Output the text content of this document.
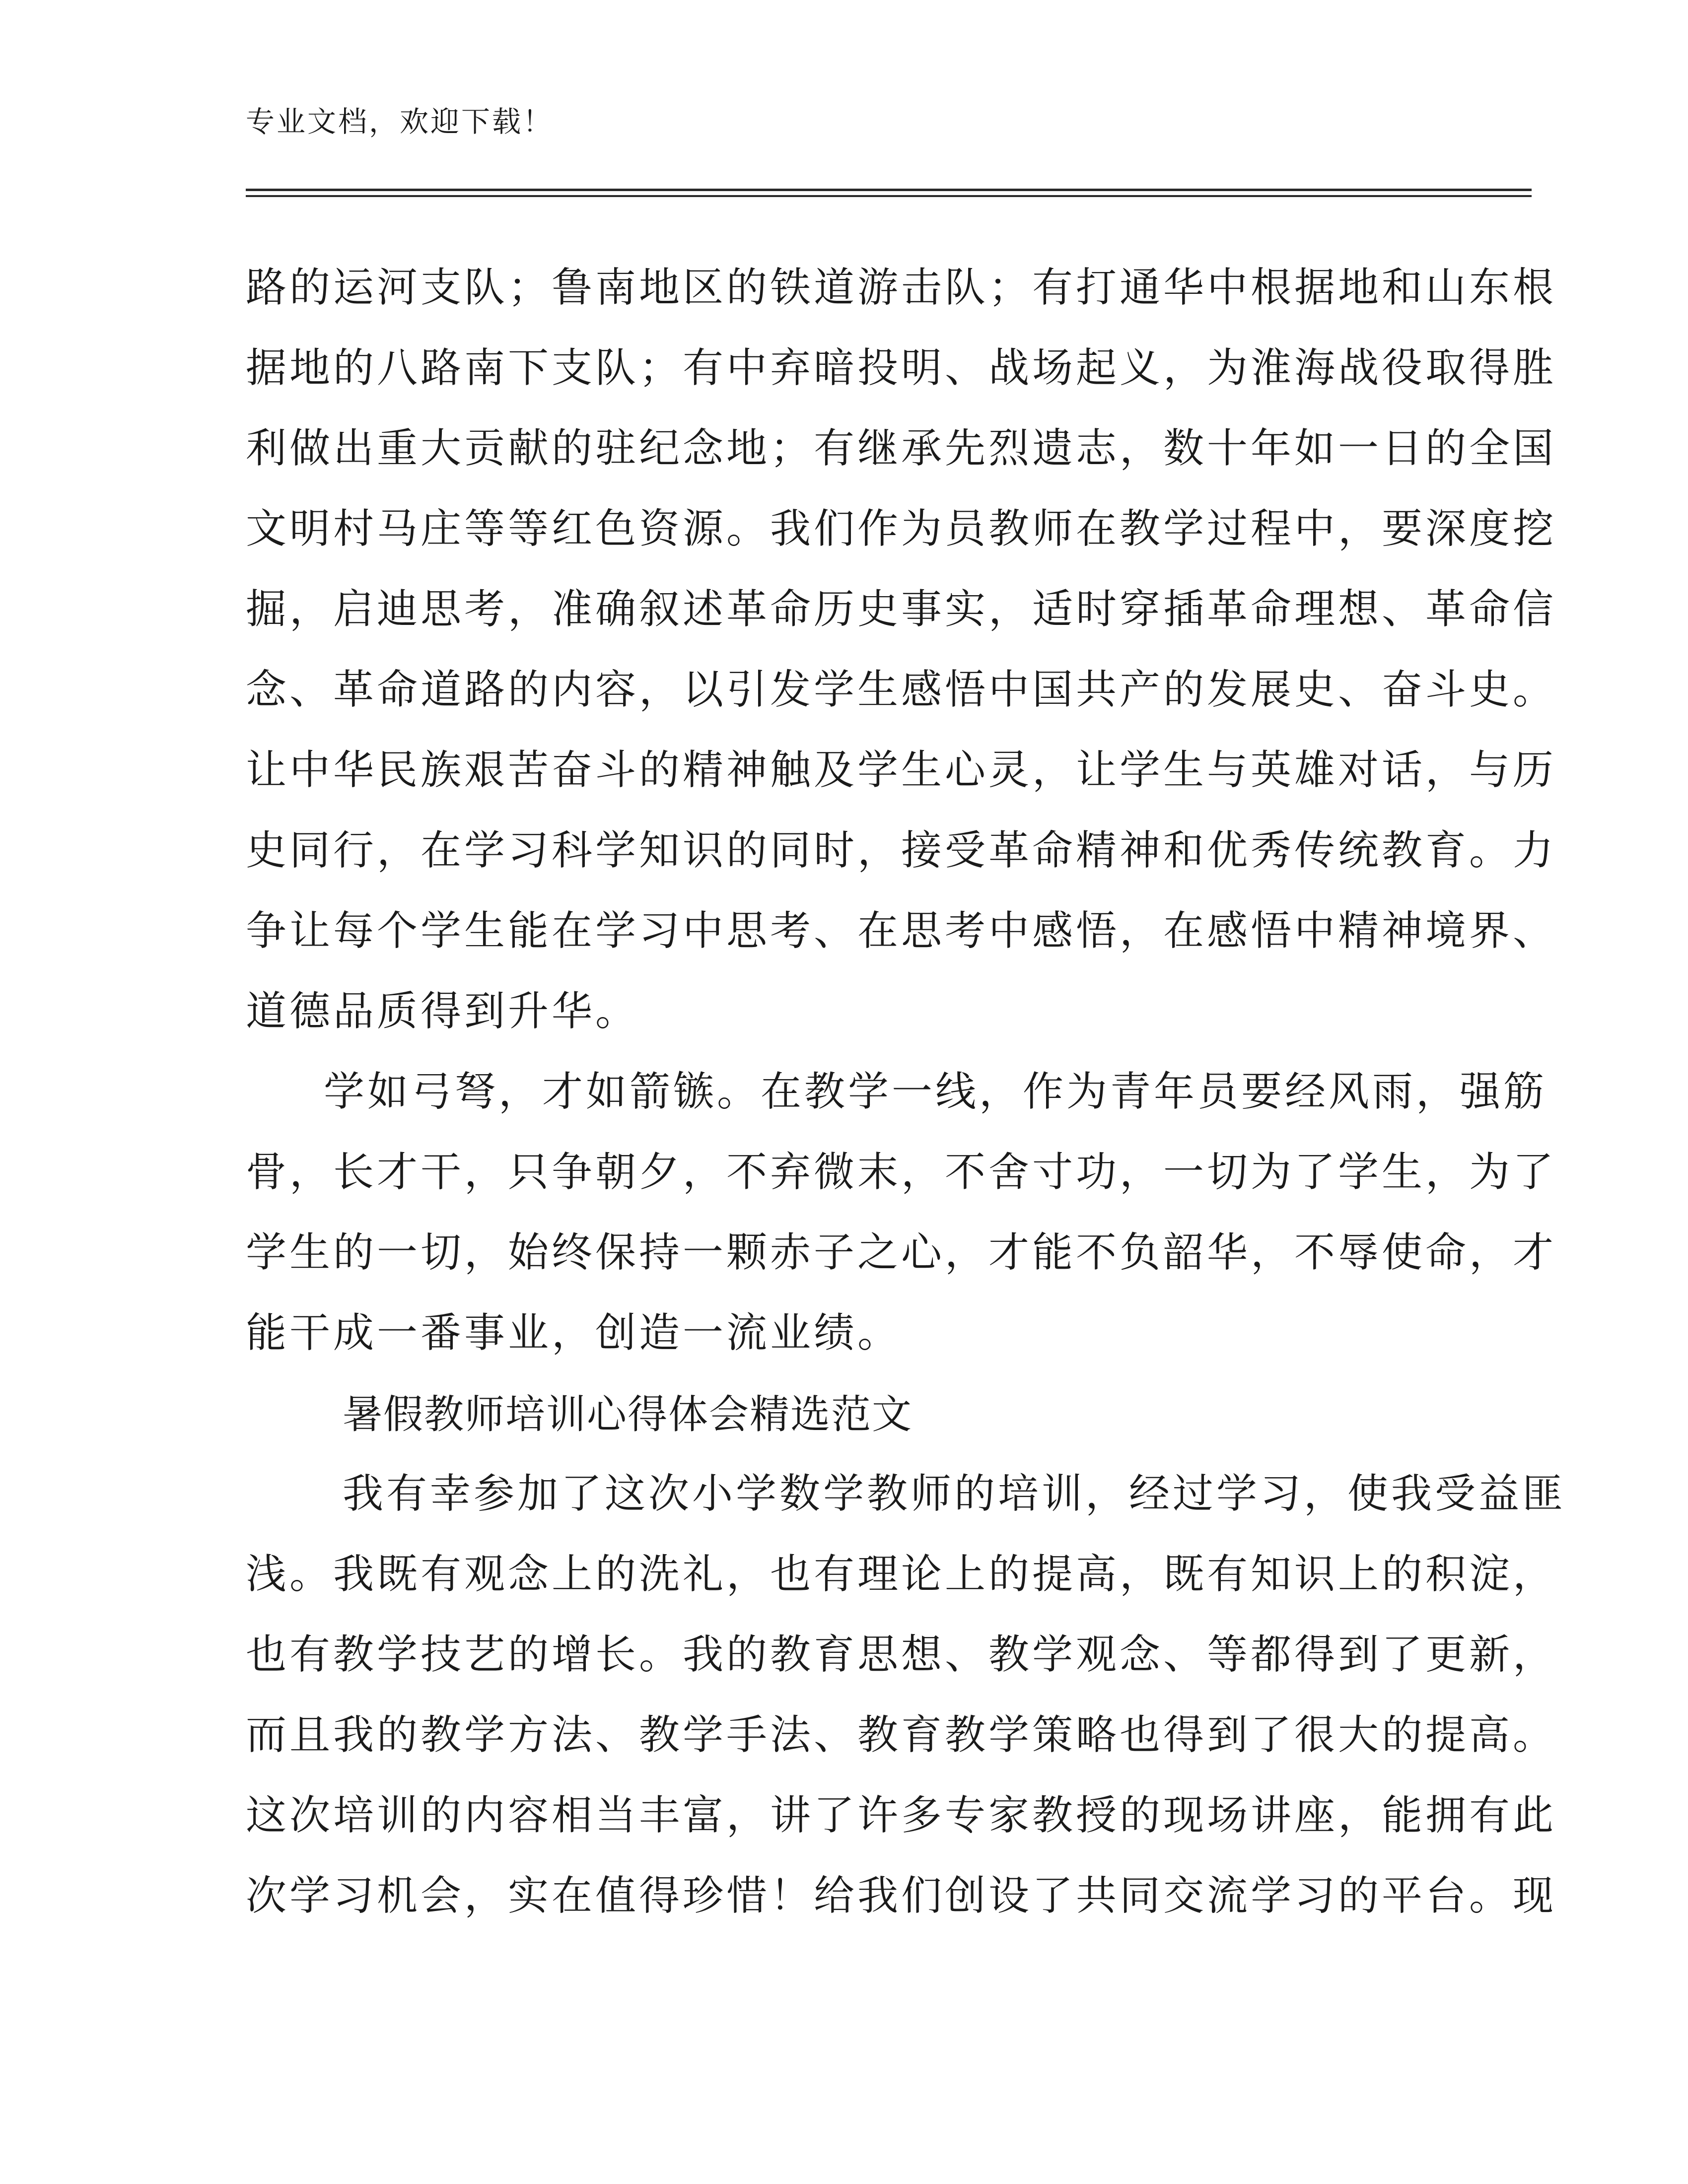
专业文档，欢迎下载！
路的运河支队；鲁南地区的铁道游击队；有打通华中根据地和山东根
据地的八路南下支队；有中弃暗投明、战场起义，为淮海战役取得胜
利做出重大贡献的驻纪念地；有继承先烈遗志，数十年如一日的全国
文明村马庄等等红色资源。我们作为员教师在教学过程中，要深度挖
掘，启迪思考，准确叙述革命历史事实，适时穿插革命理想、革命信
念、革命道路的内容，以引发学生感悟中国共产的发展史、奋斗史。
让中华民族艰苦奋斗的精神触及学生心灵，让学生与英雄对话，与历
史同行，在学习科学知识的同时，接受革命精神和优秀传统教育。力
争让每个学生能在学习中思考、在思考中感悟，在感悟中精神境界、
道德品质得到升华。
学如弓弩，才如箭镞。在教学一线，作为青年员要经风雨，强筋
骨，长才干，只争朝夕，不弃微末，不舍寸功，一切为了学生，为了
学生的一切，始终保持一颗赤子之心，才能不负韶华，不辱使命，才
能干成一番事业，创造一流业绩。
暑假教师培训心得体会精选范文
我有幸参加了这次小学数学教师的培训，经过学习，使我受益匪
浅。我既有观念上的洗礼，也有理论上的提高，既有知识上的积淀，
也有教学技艺的增长。我的教育思想、教学观念、等都得到了更新，
而且我的教学方法、教学手法、教育教学策略也得到了很大的提高。
这次培训的内容相当丰富，讲了许多专家教授的现场讲座，能拥有此
次学习机会，实在值得珍惜！给我们创设了共同交流学习的平台。现
